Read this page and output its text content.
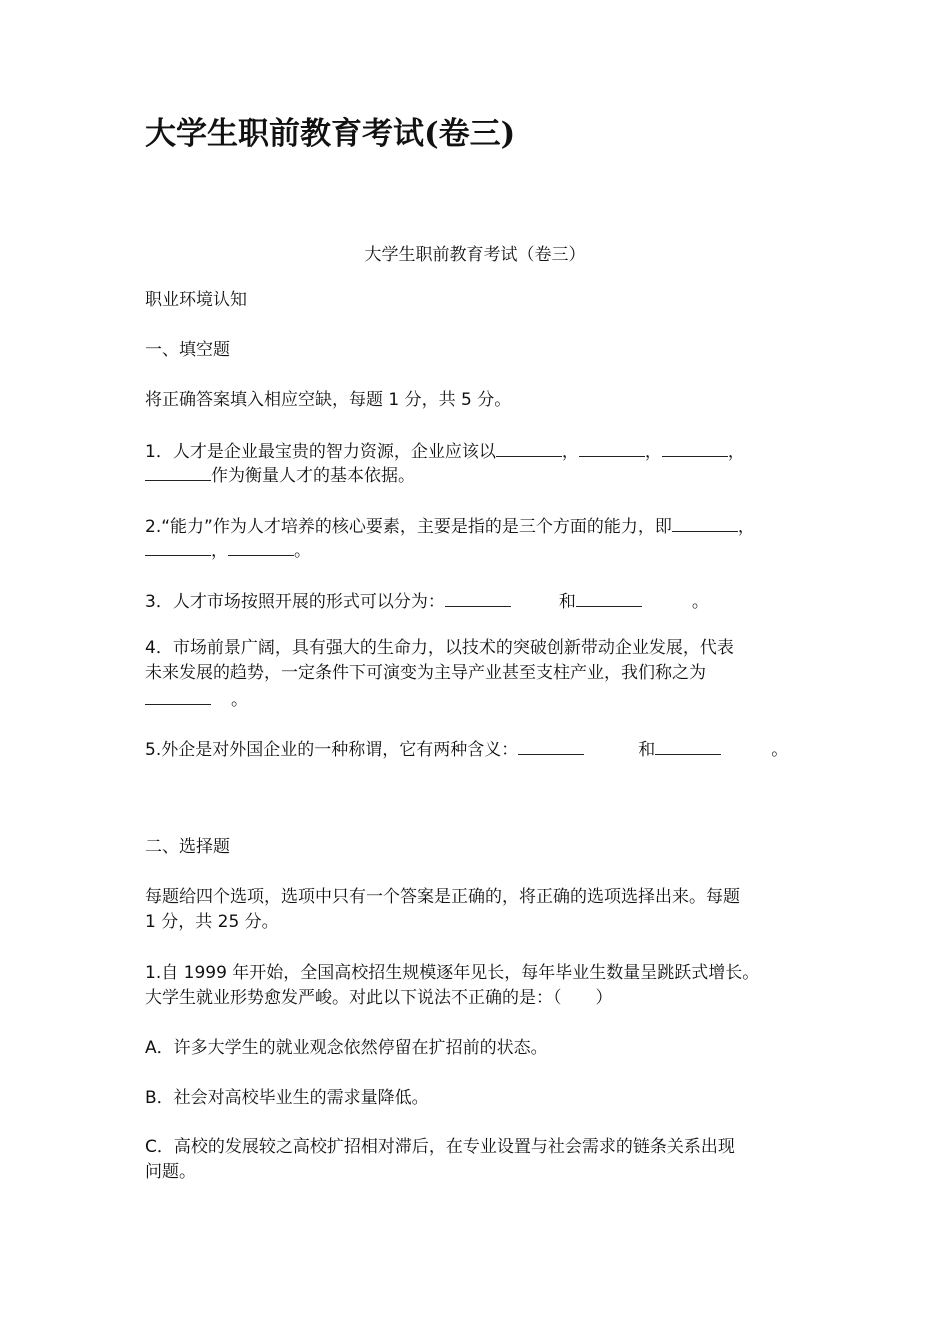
大学生职前教育考试(卷三)
大学生职前教育考试（卷三）
职业环境认知
一、填空题
将正确答案填入相应空缺，每题 1 分，共 5 分。
1．人才是企业最宝贵的智力资源，企业应该以	，	，	，
作为衡量人才的基本依据。
2.“能力”作为人才培养的核心要素，主要是指的是三个方面的能力，即	，
，	。
3．人才市场按照开展的形式可以分为：	和	。
4．市场前景广阔，具有强大的生命力，以技术的突破创新带动企业发展，代表
未来发展的趋势，一定条件下可演变为主导产业甚至支柱产业，我们称之为
。
5.外企是对外国企业的一种称谓，它有两种含义：	和	。
二、选择题
每题给四个选项，选项中只有一个答案是正确的，将正确的选项选择出来。每题
1 分，共 25 分。
1.自 1999 年开始，全国高校招生规模逐年见长，每年毕业生数量呈跳跃式增长。
大学生就业形势愈发严峻。对此以下说法不正确的是：（　　）
A．许多大学生的就业观念依然停留在扩招前的状态。
B．社会对高校毕业生的需求量降低。
C．高校的发展较之高校扩招相对滞后，在专业设置与社会需求的链条关系出现
问题。
